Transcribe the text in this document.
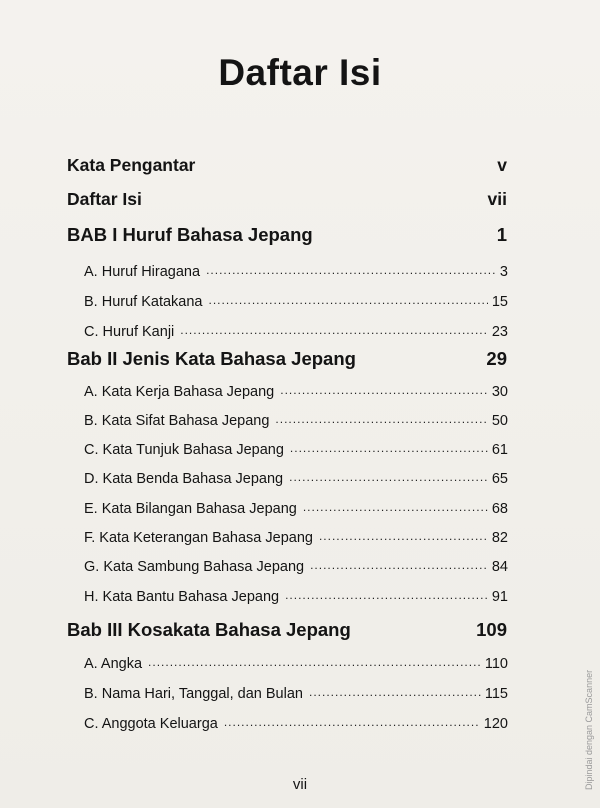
Daftar Isi
Kata Pengantar	v
Daftar Isi	vii
BAB I Huruf Bahasa Jepang	1
A. Huruf Hiragana .....	3
B. Huruf Katakana .....	15
C. Huruf Kanji .....	23
Bab II Jenis Kata Bahasa Jepang	29
A. Kata Kerja Bahasa Jepang .....	30
B. Kata Sifat Bahasa Jepang .....	50
C. Kata Tunjuk Bahasa Jepang .....	61
D. Kata Benda Bahasa Jepang .....	65
E. Kata Bilangan Bahasa Jepang .....	68
F. Kata Keterangan Bahasa Jepang .....	82
G. Kata Sambung Bahasa Jepang .....	84
H. Kata Bantu Bahasa Jepang .....	91
Bab III Kosakata Bahasa Jepang	109
A. Angka .....	110
B. Nama Hari, Tanggal, dan Bulan .....	115
C. Anggota Keluarga .....	120
vii	Dipindai dengan CamScanner
